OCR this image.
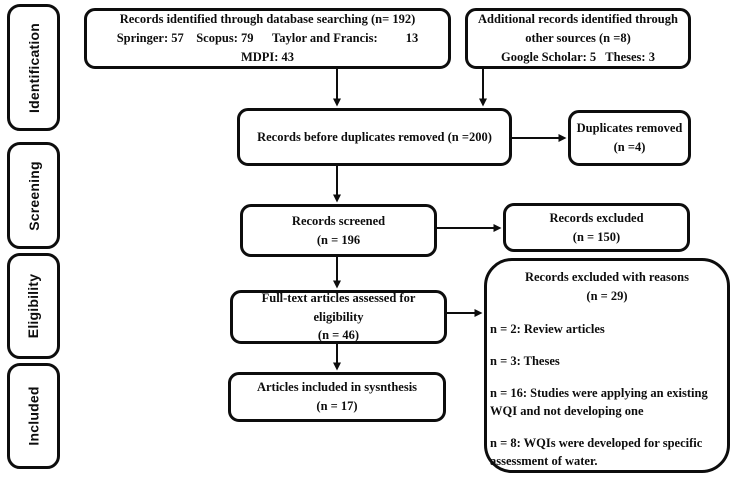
Identification
Screening
Eligibility
Included
Records identified through database searching (n= 192)
Springer: 57    Scopus: 79      Taylor and Francis:         13
MDPI: 43
Additional records identified through
other sources (n =8)
Google Scholar: 5   Theses: 3
Records before duplicates removed (n =200)
Duplicates removed
(n =4)
Records screened
(n = 196
Records excluded
(n = 150)
Full-text articles assessed for
eligibility
(n = 46)
Articles included in sysnthesis
(n = 17)
Records excluded with reasons
(n = 29)
n = 2: Review articles
n = 3: Theses
n = 16: Studies were applying an existing WQI and not developing one
n = 8: WQIs were developed for specific assessment of water.
